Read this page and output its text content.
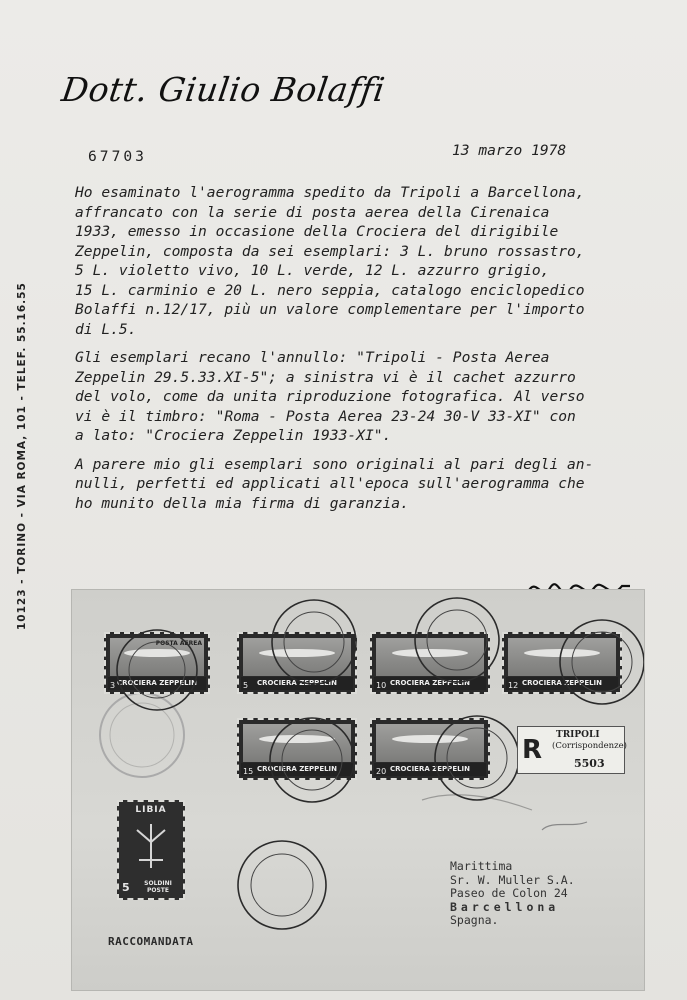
Dott. Giulio Bolaffi
67703	13 marzo 1978

Ho esaminato l'aerogramma spedito da Tripoli a Barcellona,
affrancato con la serie di posta aerea della Cirenaica
1933, emesso in occasione della Crociera del dirigibile
Zeppelin, composta da sei esemplari: 3 L. bruno rossastro,
5 L. violetto vivo, 10 L. verde, 12 L. azzurro grigio,
15 L. carminio e 20 L. nero seppia, catalogo enciclopedico
Bolaffi n.12/17, più un valore complementare per l'importo
di L.5.

Gli esemplari recano l'annullo: "Tripoli - Posta Aerea
Zeppelin 29.5.33.XI-5"; a sinistra vi è il cachet azzurro
del volo, come da unita riproduzione fotografica. Al verso
vi è il timbro: "Roma - Posta Aerea 23-24 30-V 33-XI" con
a lato: "Crociera Zeppelin 1933-XI".

A parere mio gli esemplari sono originali al pari degli an-
nulli, perfetti ed applicati all'epoca sull'aerogramma che
ho munito della mia firma di garanzia.

10123 - TORINO - VIA ROMA, 101 - TELEF. 55.16.55
POSTA AEREA
CROCIERA ZEPPELIN
3	CROCIERA ZEPPELIN
5	CROCIERA ZEPPELIN
10	CROCIERA ZEPPELIN
12
CROCIERA ZEPPELIN
15	CROCIERA ZEPPELIN
20
R TRIPOLI
(Corrispondenze)
5503
LIBIA
SOLDINI
POSTE
5
Marittima
Sr. W. Muller S.A.
Paseo de Colon 24
Barcellona
Spagna.
RACCOMANDATA
